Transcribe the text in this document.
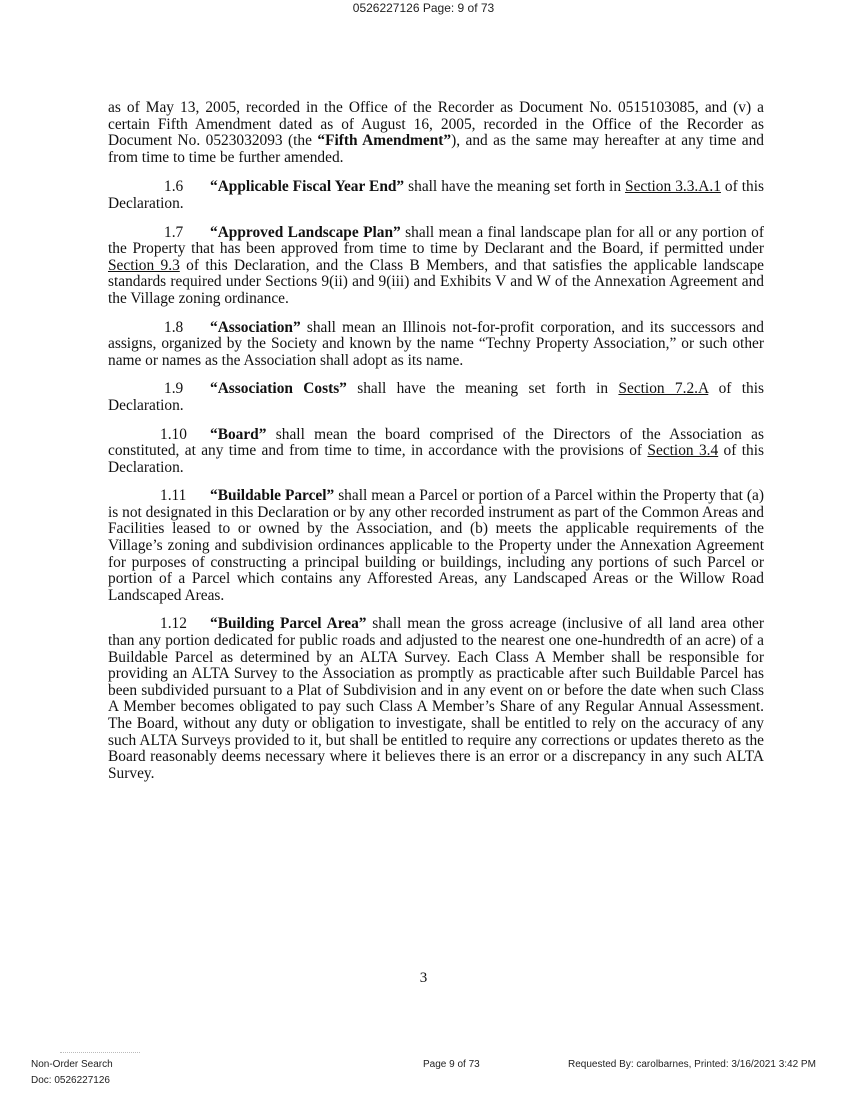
0526227126 Page: 9 of 73

as of May 13, 2005, recorded in the Office of the Recorder as Document No. 0515103085, and (v) a certain Fifth Amendment dated as of August 16, 2005, recorded in the Office of the Recorder as Document No. 0523032093 (the “Fifth Amendment”), and as the same may hereafter at any time and from time to time be further amended.

1.6 “Applicable Fiscal Year End” shall have the meaning set forth in Section 3.3.A.1 of this Declaration.

1.7 “Approved Landscape Plan” shall mean a final landscape plan for all or any portion of the Property that has been approved from time to time by Declarant and the Board, if permitted under Section 9.3 of this Declaration, and the Class B Members, and that satisfies the applicable landscape standards required under Sections 9(ii) and 9(iii) and Exhibits V and W of the Annexation Agreement and the Village zoning ordinance.

1.8 “Association” shall mean an Illinois not-for-profit corporation, and its successors and assigns, organized by the Society and known by the name “Techny Property Association,” or such other name or names as the Association shall adopt as its name.

1.9 “Association Costs” shall have the meaning set forth in Section 7.2.A of this Declaration.

1.10 “Board” shall mean the board comprised of the Directors of the Association as constituted, at any time and from time to time, in accordance with the provisions of Section 3.4 of this Declaration.

1.11 “Buildable Parcel” shall mean a Parcel or portion of a Parcel within the Property that (a) is not designated in this Declaration or by any other recorded instrument as part of the Common Areas and Facilities leased to or owned by the Association, and (b) meets the applicable requirements of the Village’s zoning and subdivision ordinances applicable to the Property under the Annexation Agreement for purposes of constructing a principal building or buildings, including any portions of such Parcel or portion of a Parcel which contains any Afforested Areas, any Landscaped Areas or the Willow Road Landscaped Areas.

1.12 “Building Parcel Area” shall mean the gross acreage (inclusive of all land area other than any portion dedicated for public roads and adjusted to the nearest one one-hundredth of an acre) of a Buildable Parcel as determined by an ALTA Survey. Each Class A Member shall be responsible for providing an ALTA Survey to the Association as promptly as practicable after such Buildable Parcel has been subdivided pursuant to a Plat of Subdivision and in any event on or before the date when such Class A Member becomes obligated to pay such Class A Member’s Share of any Regular Annual Assessment. The Board, without any duty or obligation to investigate, shall be entitled to rely on the accuracy of any such ALTA Surveys provided to it, but shall be entitled to require any corrections or updates thereto as the Board reasonably deems necessary where it believes there is an error or a discrepancy in any such ALTA Survey.

3
Non-Order Search	Page 9 of 73	Requested By: carolbarnes, Printed: 3/16/2021 3:42 PM
Doc: 0526227126
